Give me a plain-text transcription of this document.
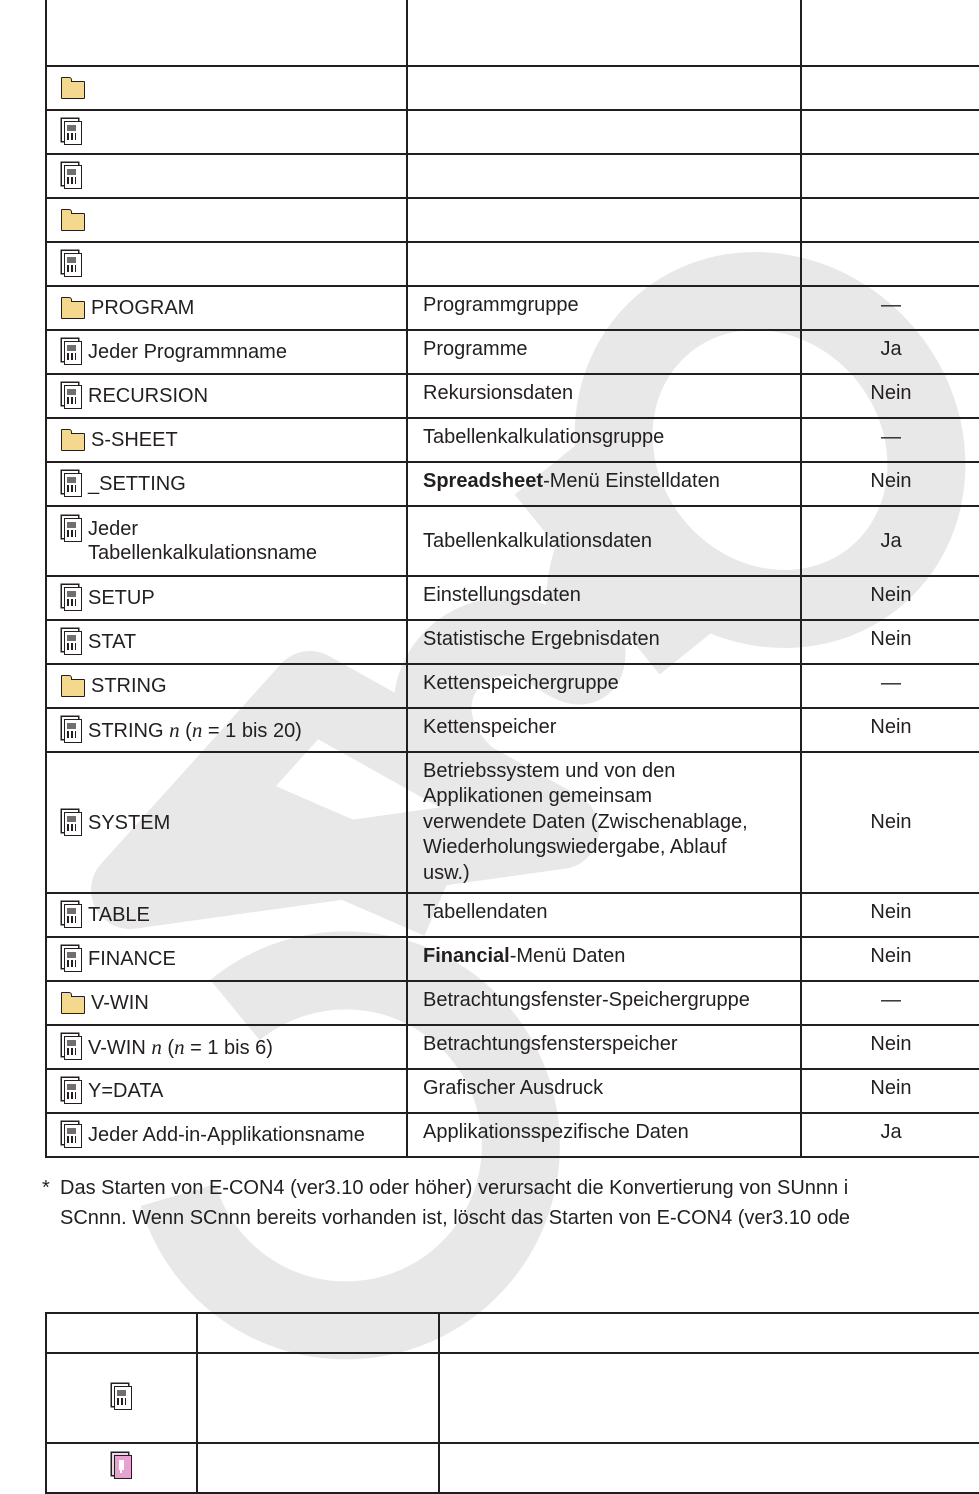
PROGRAM	Programmgruppe	—

Jeder Programmname	Programme	Ja

RECURSION	Rekursionsdaten	Nein

S-SHEET	Tabellenkalkulationsgruppe	—

_SETTING	Spreadsheet-Menü Einstelldaten	Nein

Jeder
Tabellenkalkulationsname	Tabellenkalkulationsdaten	Ja

SETUP	Einstellungsdaten	Nein

STAT	Statistische Ergebnisdaten	Nein

STRING	Kettenspeichergruppe	—

STRING n (n = 1 bis 20)	Kettenspeicher	Nein

SYSTEM	Betriebssystem und von den
Applikationen gemeinsam
verwendete Daten (Zwischenablage,
Wiederholungswiedergabe, Ablauf
usw.)	Nein

TABLE	Tabellendaten	Nein

FINANCE	Financial-Menü Daten	Nein

V-WIN	Betrachtungsfenster-Speichergruppe	—

V-WIN n (n = 1 bis 6)	Betrachtungsfensterspeicher	Nein

Y=DATA	Grafischer Ausdruck	Nein

Jeder Add-in-Applikationsname	Applikationsspezifische Daten	Ja
* Das Starten von E-CON4 (ver3.10 oder höher) verursacht die Konvertierung von SUnnn i
SCnnn. Wenn SCnnn bereits vorhanden ist, löscht das Starten von E-CON4 (ver3.10 ode
